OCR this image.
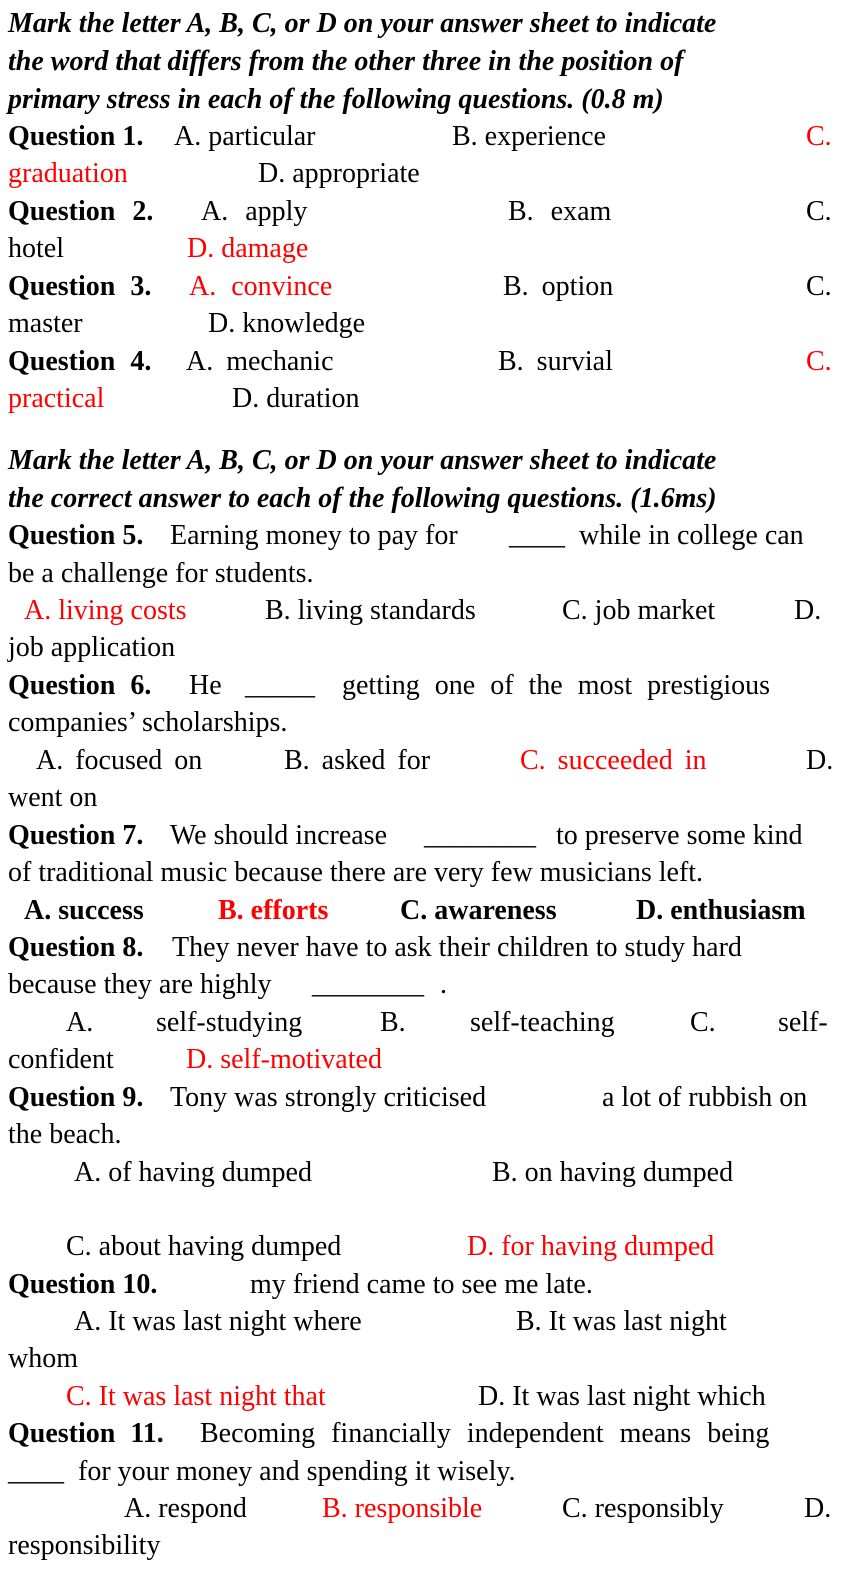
Mark the letter A, B, C, or D on your answer sheet to indicate
the word that differs from the other three in the position of
primary stress in each of the following questions. (0.8 m)
Question 1. A. particular	B. experience	C.
graduation	D. appropriate
Question 2. A. apply	B. exam	C.
hotel	D. damage
Question 3. A. convince	B. option	C.
master	D. knowledge
Question 4. A. mechanic	B. survial	C.
practical	D. duration
Mark the letter A, B, C, or D on your answer sheet to indicate
the correct answer to each of the following questions. (1.6ms)
Question 5. Earning money to pay for ____ while in college can
be a challenge for students.
A. living costs	B. living standards	C. job market	D.
job application
Question 6. He _____ getting one of the most prestigious
companies’ scholarships.
A. focused on	B. asked for	C. succeeded in	D.
went on
Question 7. We should increase ________ to preserve some kind
of traditional music because there are very few musicians left.
A. success	B. efforts	C. awareness	D. enthusiasm
Question 8. They never have to ask their children to study hard
because they are highly ________ .
A. self-studying	B. self-teaching	C. self-
confident	D. self-motivated
Question 9. Tony was strongly criticised	a lot of rubbish on
the beach.
A. of having dumped	B. on having dumped
C. about having dumped	D. for having dumped
Question 10.	my friend came to see me late.
A. It was last night where	B. It was last night
whom
C. It was last night that	D. It was last night which
Question 11. Becoming financially independent means being
____ for your money and spending it wisely.
A. respond	B. responsible	C. responsibly	D.
responsibility
